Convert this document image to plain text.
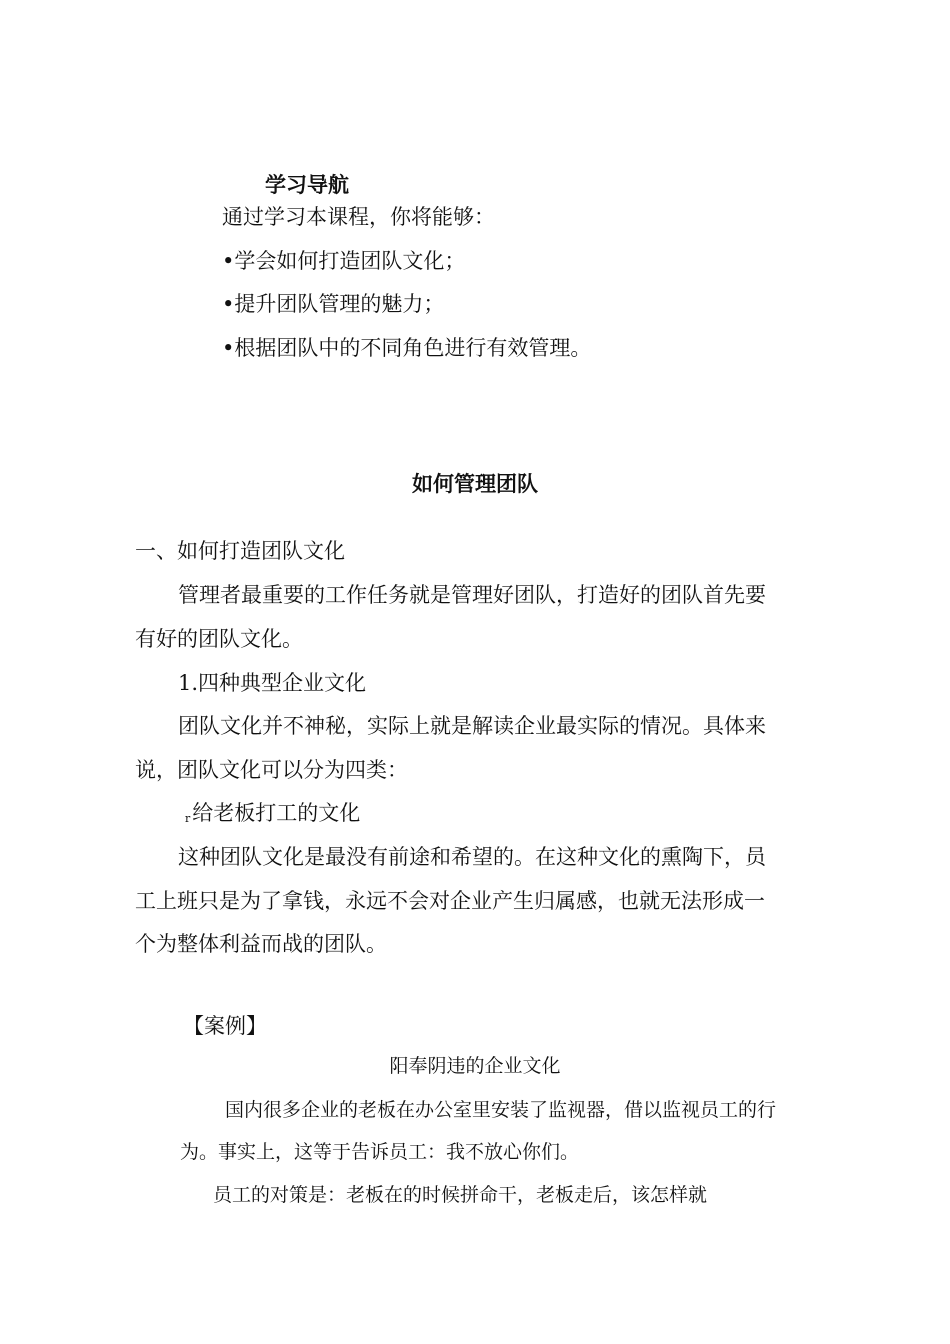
学习导航
通过学习本课程，你将能够：
•学会如何打造团队文化；
•提升团队管理的魅力；
•根据团队中的不同角色进行有效管理。
如何管理团队
一、如何打造团队文化
管理者最重要的工作任务就是管理好团队，打造好的团队首先要
有好的团队文化。
1.四种典型企业文化
团队文化并不神秘，实际上就是解读企业最实际的情况。具体来
说，团队文化可以分为四类：
r给老板打工的文化
这种团队文化是最没有前途和希望的。在这种文化的熏陶下，员
工上班只是为了拿钱，永远不会对企业产生归属感，也就无法形成一
个为整体利益而战的团队。
【案例】
阳奉阴违的企业文化
国内很多企业的老板在办公室里安装了监视器，借以监视员工的行
为。事实上，这等于告诉员工：我不放心你们。
员工的对策是：老板在的时候拼命干，老板走后，该怎样就
